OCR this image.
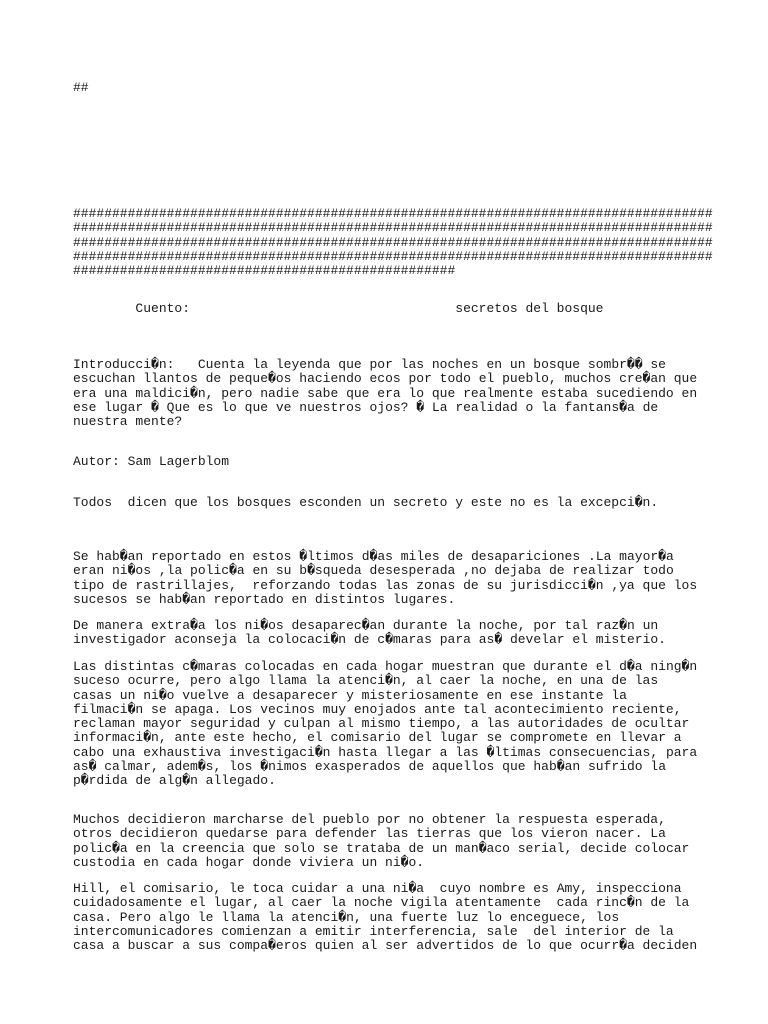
##

##################################################################################
##################################################################################
##################################################################################
##################################################################################
#################################################

Cuento:                                  secretos del bosque

Introducci�n:   Cuenta la leyenda que por las noches en un bosque sombr�� se
escuchan llantos de peque�os haciendo ecos por todo el pueblo, muchos cre�an que
era una maldici�n, pero nadie sabe que era lo que realmente estaba sucediendo en
ese lugar � Que es lo que ve nuestros ojos? � La realidad o la fantans�a de
nuestra mente?

Autor: Sam Lagerblom

Todos  dicen que los bosques esconden un secreto y este no es la excepci�n.

Se hab�an reportado en estos �ltimos d�as miles de desapariciones .La mayor�a
eran ni�os ,la polic�a en su b�squeda desesperada ,no dejaba de realizar todo
tipo de rastrillajes,  reforzando todas las zonas de su jurisdicci�n ,ya que los
sucesos se hab�an reportado en distintos lugares.

De manera extra�a los ni�os desaparec�an durante la noche, por tal raz�n un
investigador aconseja la colocaci�n de c�maras para as� develar el misterio.

Las distintas c�maras colocadas en cada hogar muestran que durante el d�a ning�n
suceso ocurre, pero algo llama la atenci�n, al caer la noche, en una de las
casas un ni�o vuelve a desaparecer y misteriosamente en ese instante la
filmaci�n se apaga. Los vecinos muy enojados ante tal acontecimiento reciente,
reclaman mayor seguridad y culpan al mismo tiempo, a las autoridades de ocultar
informaci�n, ante este hecho, el comisario del lugar se compromete en llevar a
cabo una exhaustiva investigaci�n hasta llegar a las �ltimas consecuencias, para
as� calmar, adem�s, los �nimos exasperados de aquellos que hab�an sufrido la
p�rdida de alg�n allegado.

Muchos decidieron marcharse del pueblo por no obtener la respuesta esperada,
otros decidieron quedarse para defender las tierras que los vieron nacer. La
polic�a en la creencia que solo se trataba de un man�aco serial, decide colocar
custodia en cada hogar donde viviera un ni�o.

Hill, el comisario, le toca cuidar a una ni�a  cuyo nombre es Amy, inspecciona
cuidadosamente el lugar, al caer la noche vigila atentamente  cada rinc�n de la
casa. Pero algo le llama la atenci�n, una fuerte luz lo enceguece, los
intercomunicadores comienzan a emitir interferencia, sale  del interior de la
casa a buscar a sus compa�eros quien al ser advertidos de lo que ocurr�a deciden
